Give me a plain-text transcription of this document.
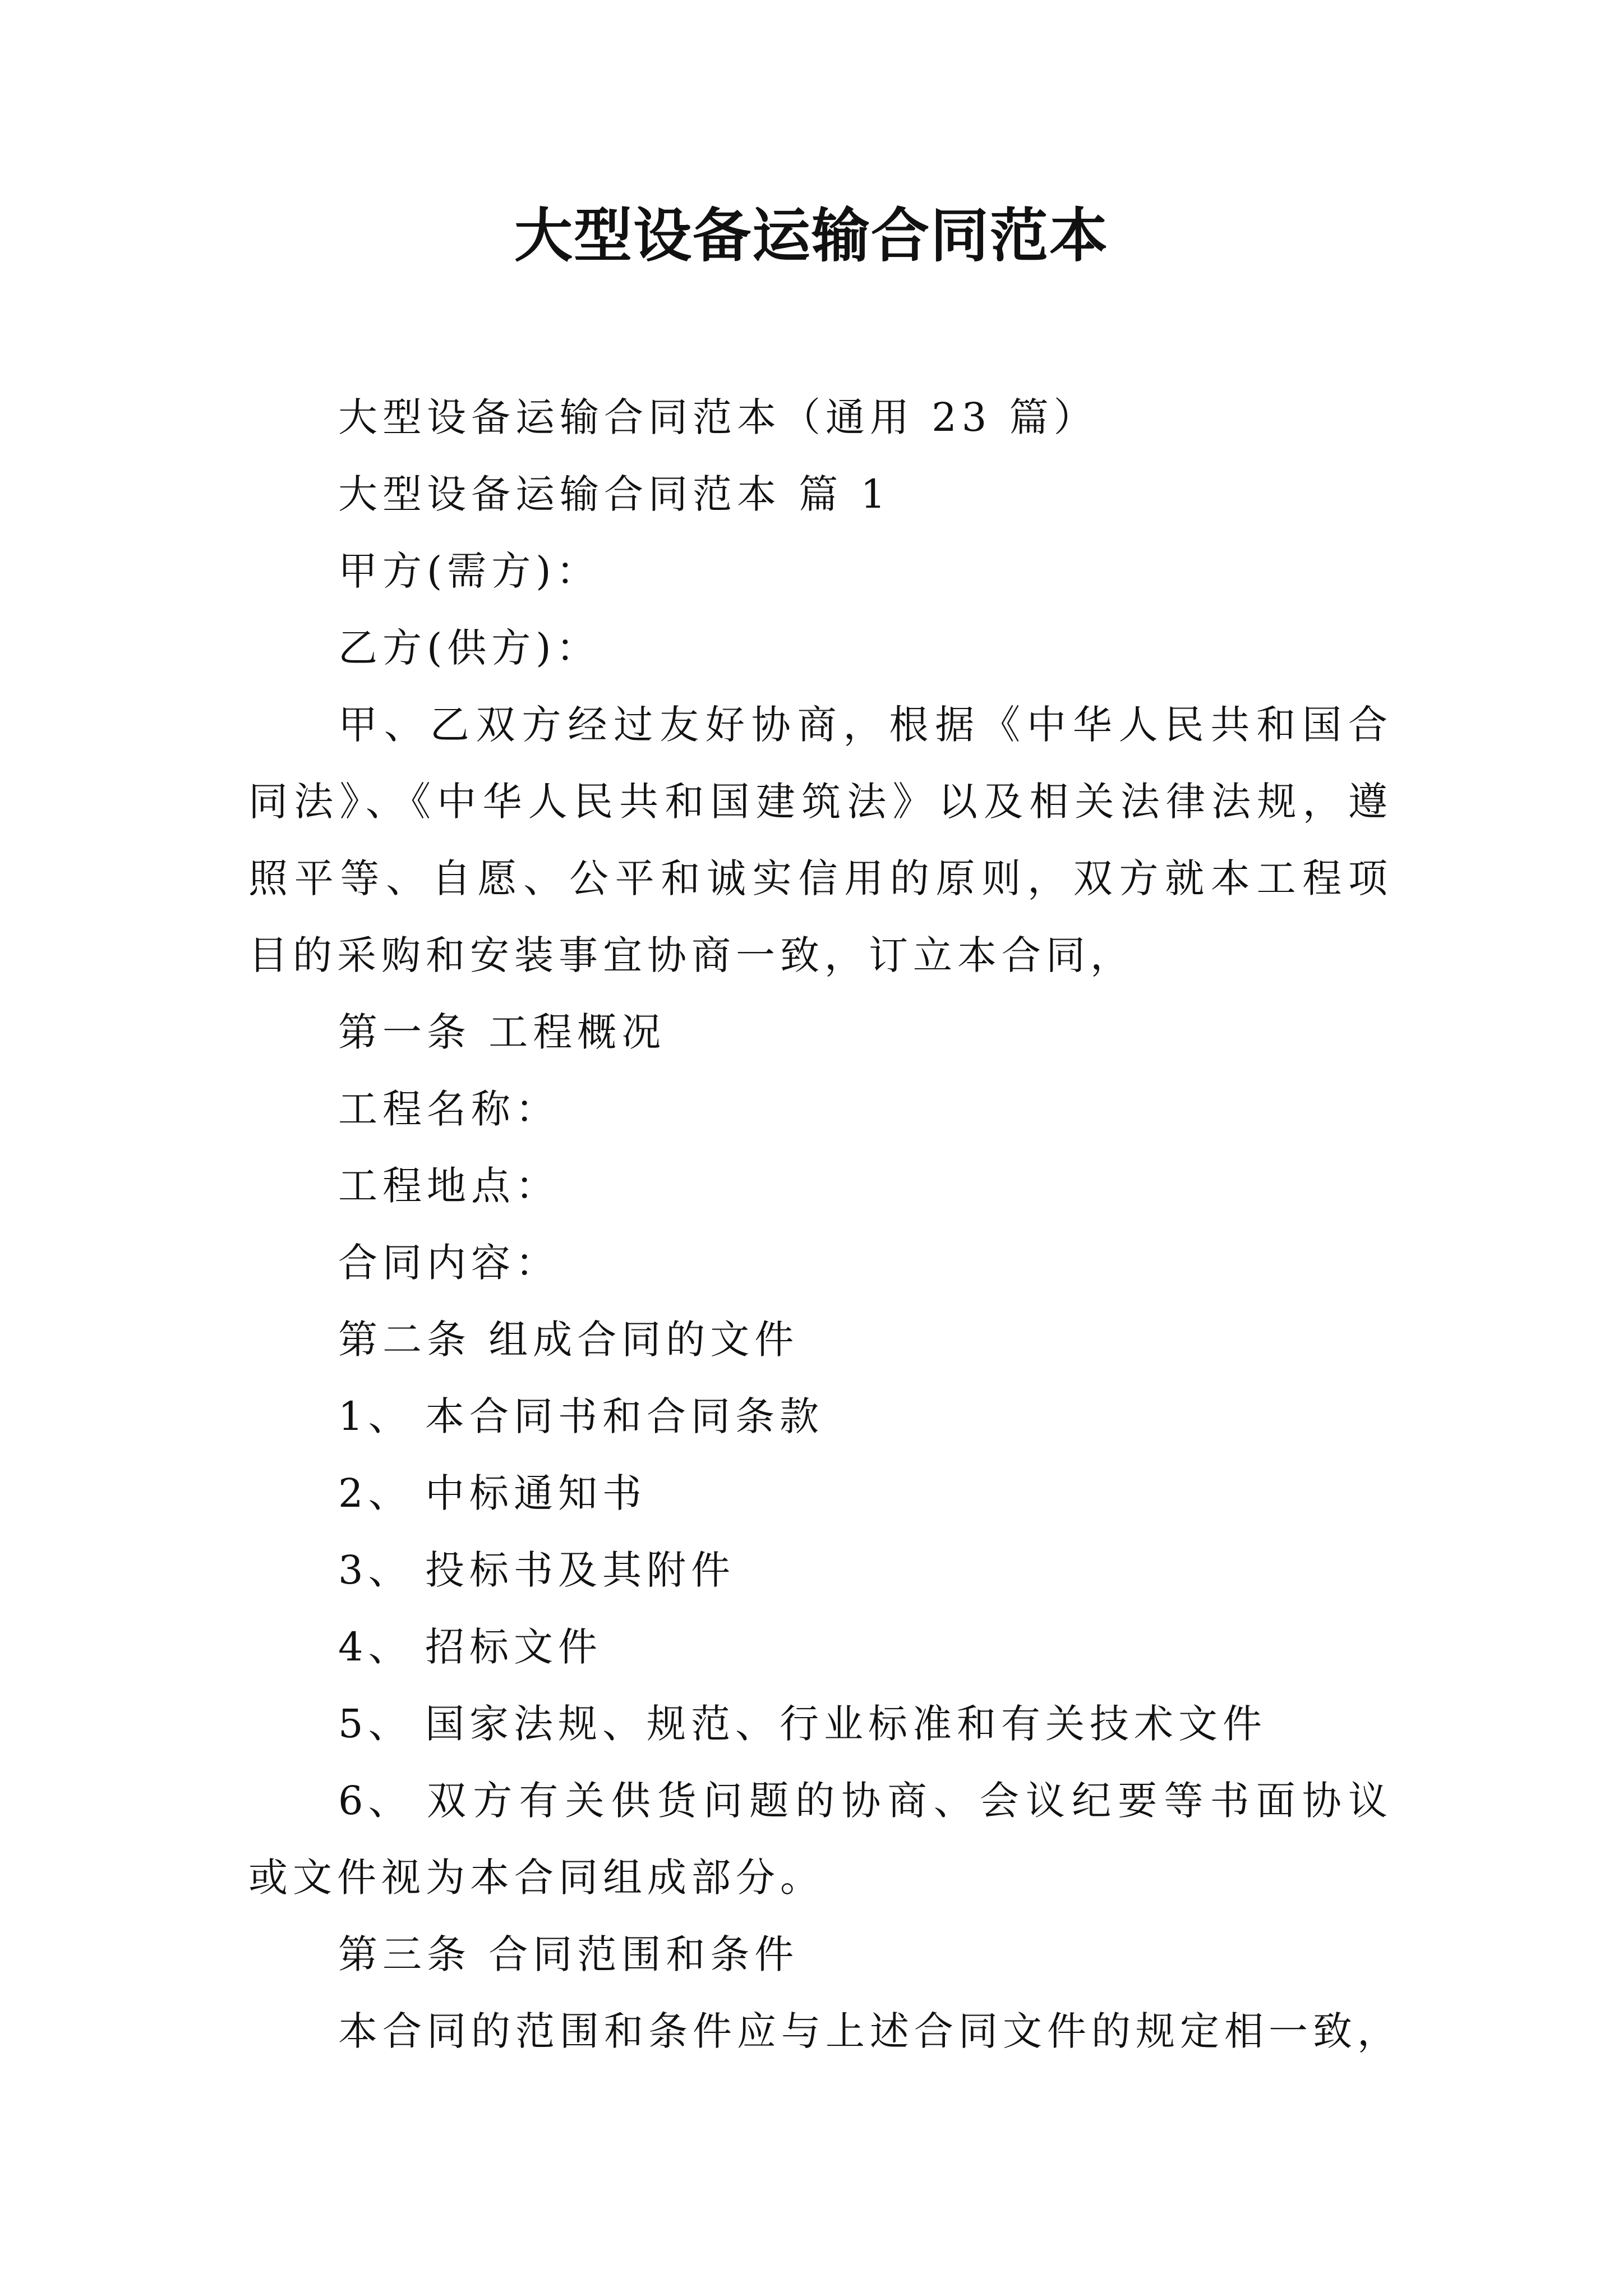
大型设备运输合同范本

大型设备运输合同范本（通用 23 篇）

大型设备运输合同范本 篇 1

甲方(需方)：

乙方(供方)：

甲、乙双方经过友好协商，根据《中华人民共和国合同法》、《中华人民共和国建筑法》以及相关法律法规，遵照平等、自愿、公平和诚实信用的原则，双方就本工程项目的采购和安装事宜协商一致，订立本合同，

第一条 工程概况

工程名称：

工程地点：

合同内容：

第二条 组成合同的文件

1、 本合同书和合同条款

2、 中标通知书

3、 投标书及其附件

4、 招标文件

5、 国家法规、规范、行业标准和有关技术文件

6、 双方有关供货问题的协商、会议纪要等书面协议或文件视为本合同组成部分。

第三条 合同范围和条件

本合同的范围和条件应与上述合同文件的规定相一致，
